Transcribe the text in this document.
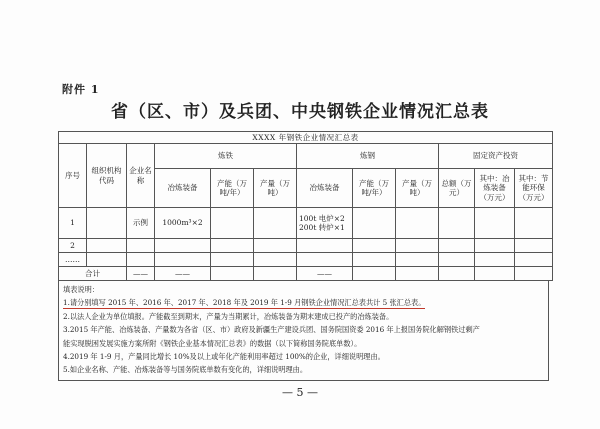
附件 1
省（区、市）及兵团、中央钢铁企业情况汇总表
XXXX 年钢铁企业情况汇总表											
序号	组织机构代码	企业名称	炼铁			炼钢			固定资产投资		
			冶炼装备	产能（万吨/年）	产量（万吨）	冶炼装备	产能（万吨/年）	产量（万吨）	总额（万元）	其中：冶炼装备（万元）	其中：节能环保（万元）
1		示例	1000m³×2			100t 电炉×2
200t 转炉×1					

2											
……											
合计		——	——			——					
填表说明：
1.请分别填写 2015 年、2016 年、2017 年、2018 年及 2019 年 1-9 月钢铁企业情况汇总表共计 5 张汇总表。
2.以法人企业为单位填报。产能截至到期末，产量为当期累计，冶炼装备为期末建成已投产的冶炼装备。
3.2015 年产能、冶炼装备、产量数为各省（区、市）政府及新疆生产建设兵团、国务院国资委 2016 年上报国务院化解钢铁过剩产
能实现脱困发展实施方案所附《钢铁企业基本情况汇总表》的数据（以下简称国务院底单数）。
4.2019 年 1-9 月，产量同比增长 10%及以上或年化产能利用率超过 100%的企业，详细说明理由。
5.如企业名称、产能、冶炼装备等与国务院底单数有变化的，详细说明理由。
— 5 —
